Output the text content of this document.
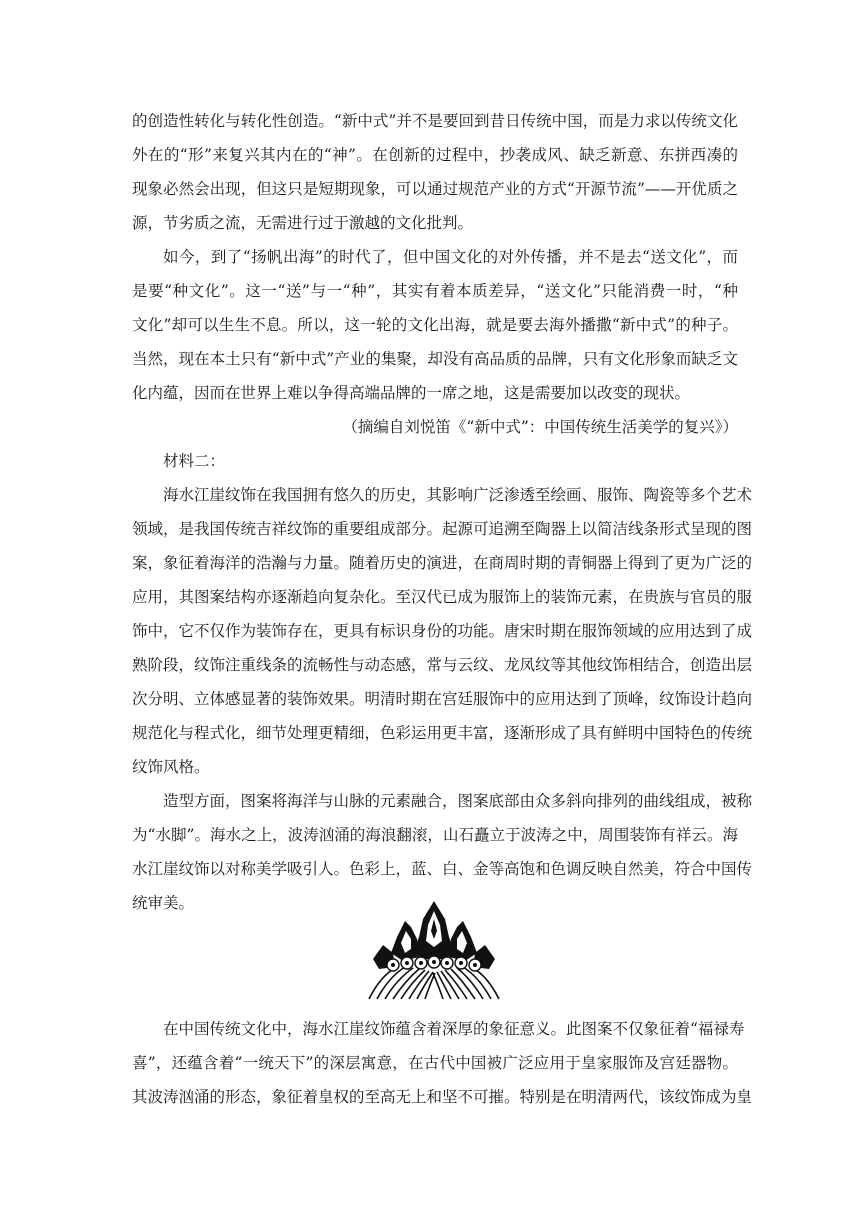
的创造性转化与转化性创造。“新中式”并不是要回到昔日传统中国，而是力求以传统文化
外在的“形”来复兴其内在的“神”。在创新的过程中，抄袭成风、缺乏新意、东拼西凑的
现象必然会出现，但这只是短期现象，可以通过规范产业的方式“开源节流”——开优质之
源，节劣质之流，无需进行过于激越的文化批判。
如今，到了“扬帆出海”的时代了，但中国文化的对外传播，并不是去“送文化”，而
是要“种文化”。这一“送”与一“种”，其实有着本质差异，“送文化”只能消费一时，“种
文化”却可以生生不息。所以，这一轮的文化出海，就是要去海外播撒“新中式”的种子。
当然，现在本土只有“新中式”产业的集聚，却没有高品质的品牌，只有文化形象而缺乏文
化内蕴，因而在世界上难以争得高端品牌的一席之地，这是需要加以改变的现状。
（摘编自刘悦笛《“新中式”：中国传统生活美学的复兴》）
材料二：
海水江崖纹饰在我国拥有悠久的历史，其影响广泛渗透至绘画、服饰、陶瓷等多个艺术
领域，是我国传统吉祥纹饰的重要组成部分。起源可追溯至陶器上以简洁线条形式呈现的图
案，象征着海洋的浩瀚与力量。随着历史的演进，在商周时期的青铜器上得到了更为广泛的
应用，其图案结构亦逐渐趋向复杂化。至汉代已成为服饰上的装饰元素，在贵族与官员的服
饰中，它不仅作为装饰存在，更具有标识身份的功能。唐宋时期在服饰领域的应用达到了成
熟阶段，纹饰注重线条的流畅性与动态感，常与云纹、龙凤纹等其他纹饰相结合，创造出层
次分明、立体感显著的装饰效果。明清时期在宫廷服饰中的应用达到了顶峰，纹饰设计趋向
规范化与程式化，细节处理更精细，色彩运用更丰富，逐渐形成了具有鲜明中国特色的传统
纹饰风格。
造型方面，图案将海洋与山脉的元素融合，图案底部由众多斜向排列的曲线组成，被称
为“水脚”。海水之上，波涛汹涌的海浪翻滚，山石矗立于波涛之中，周围装饰有祥云。海
水江崖纹饰以对称美学吸引人。色彩上，蓝、白、金等高饱和色调反映自然美，符合中国传
统审美。
在中国传统文化中，海水江崖纹饰蕴含着深厚的象征意义。此图案不仅象征着“福禄寿
喜”，还蕴含着“一统天下”的深层寓意，在古代中国被广泛应用于皇家服饰及宫廷器物。
其波涛汹涌的形态，象征着皇权的至高无上和坚不可摧。特别是在明清两代，该纹饰成为皇
